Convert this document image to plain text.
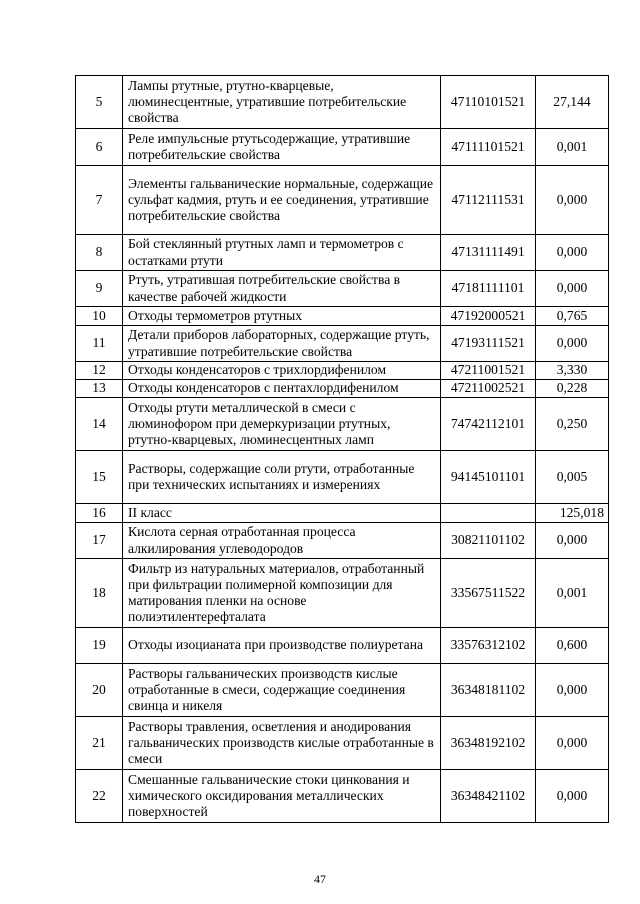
5	Лампы ртутные, ртутно-кварцевые, люминесцентные, утратившие потребительские свойства	47110101521	27,144
6	Реле импульсные ртутьсодержащие, утратившие потребительские свойства	47111101521	0,001
7	Элементы гальванические нормальные, содержащие сульфат кадмия, ртуть и ее соединения, утратившие потребительские свойства	47112111531	0,000
8	Бой стеклянный ртутных ламп и термометров с остатками ртути	47131111491	0,000
9	Ртуть, утратившая потребительские свойства в качестве рабочей жидкости	47181111101	0,000
10	Отходы термометров ртутных	47192000521	0,765
11	Детали приборов лабораторных, содержащие ртуть, утратившие потребительские свойства	47193111521	0,000
12	Отходы конденсаторов с трихлордифенилом	47211001521	3,330
13	Отходы конденсаторов с пентахлордифенилом	47211002521	0,228
14	Отходы ртути металлической в смеси с люминофором при демеркуризации ртутных, ртутно-кварцевых, люминесцентных ламп	74742112101	0,250
15	Растворы, содержащие соли ртути, отработанные при технических испытаниях и измерениях	94145101101	0,005
16	II класс		125,018
17	Кислота серная отработанная процесса алкилирования углеводородов	30821101102	0,000
18	Фильтр из натуральных материалов, отработанный при фильтрации полимерной композиции для матирования пленки на основе полиэтилентерефталата	33567511522	0,001
19	Отходы изоцианата при производстве полиуретана	33576312102	0,600
20	Растворы гальванических производств кислые отработанные в смеси, содержащие соединения свинца и никеля	36348181102	0,000
21	Растворы травления, осветления и анодирования гальванических производств кислые отработанные в смеси	36348192102	0,000
22	Смешанные гальванические стоки цинкования и химического оксидирования металлических поверхностей	36348421102	0,000
47
